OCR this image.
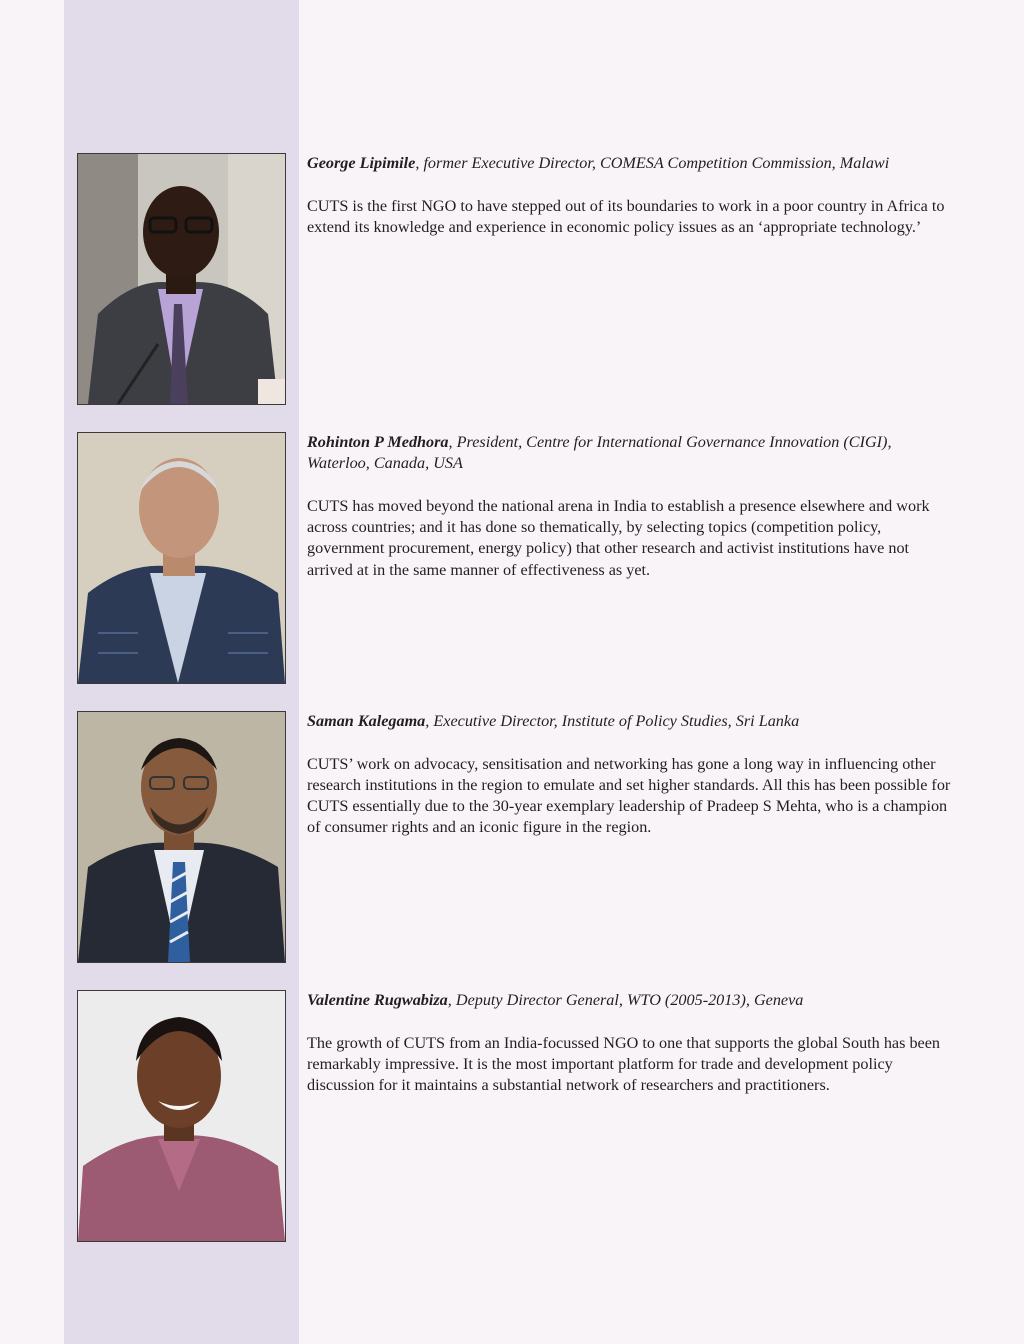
George Lipimile, former Executive Director, COMESA Competition Commission, Malawi

CUTS is the first NGO to have stepped out of its boundaries to work in a poor country in Africa to extend its knowledge and experience in economic policy issues as an ‘appropriate technology.’

Rohinton P Medhora, President, Centre for International Governance Innovation (CIGI), Waterloo, Canada, USA

CUTS has moved beyond the national arena in India to establish a presence elsewhere and work across countries; and it has done so thematically, by selecting topics (competition policy, government procurement, energy policy) that other research and activist institutions have not arrived at in the same manner of effectiveness as yet.

Saman Kalegama, Executive Director, Institute of Policy Studies, Sri Lanka

CUTS’ work on advocacy, sensitisation and networking has gone a long way in influencing other research institutions in the region to emulate and set higher standards. All this has been possible for CUTS essentially due to the 30-year exemplary leadership of Pradeep S Mehta, who is a champion of consumer rights and an iconic figure in the region.

Valentine Rugwabiza, Deputy Director General, WTO (2005-2013), Geneva

The growth of CUTS from an India-focussed NGO to one that supports the global South has been remarkably impressive. It is the most important platform for trade and development policy discussion for it maintains a substantial network of researchers and practitioners.
